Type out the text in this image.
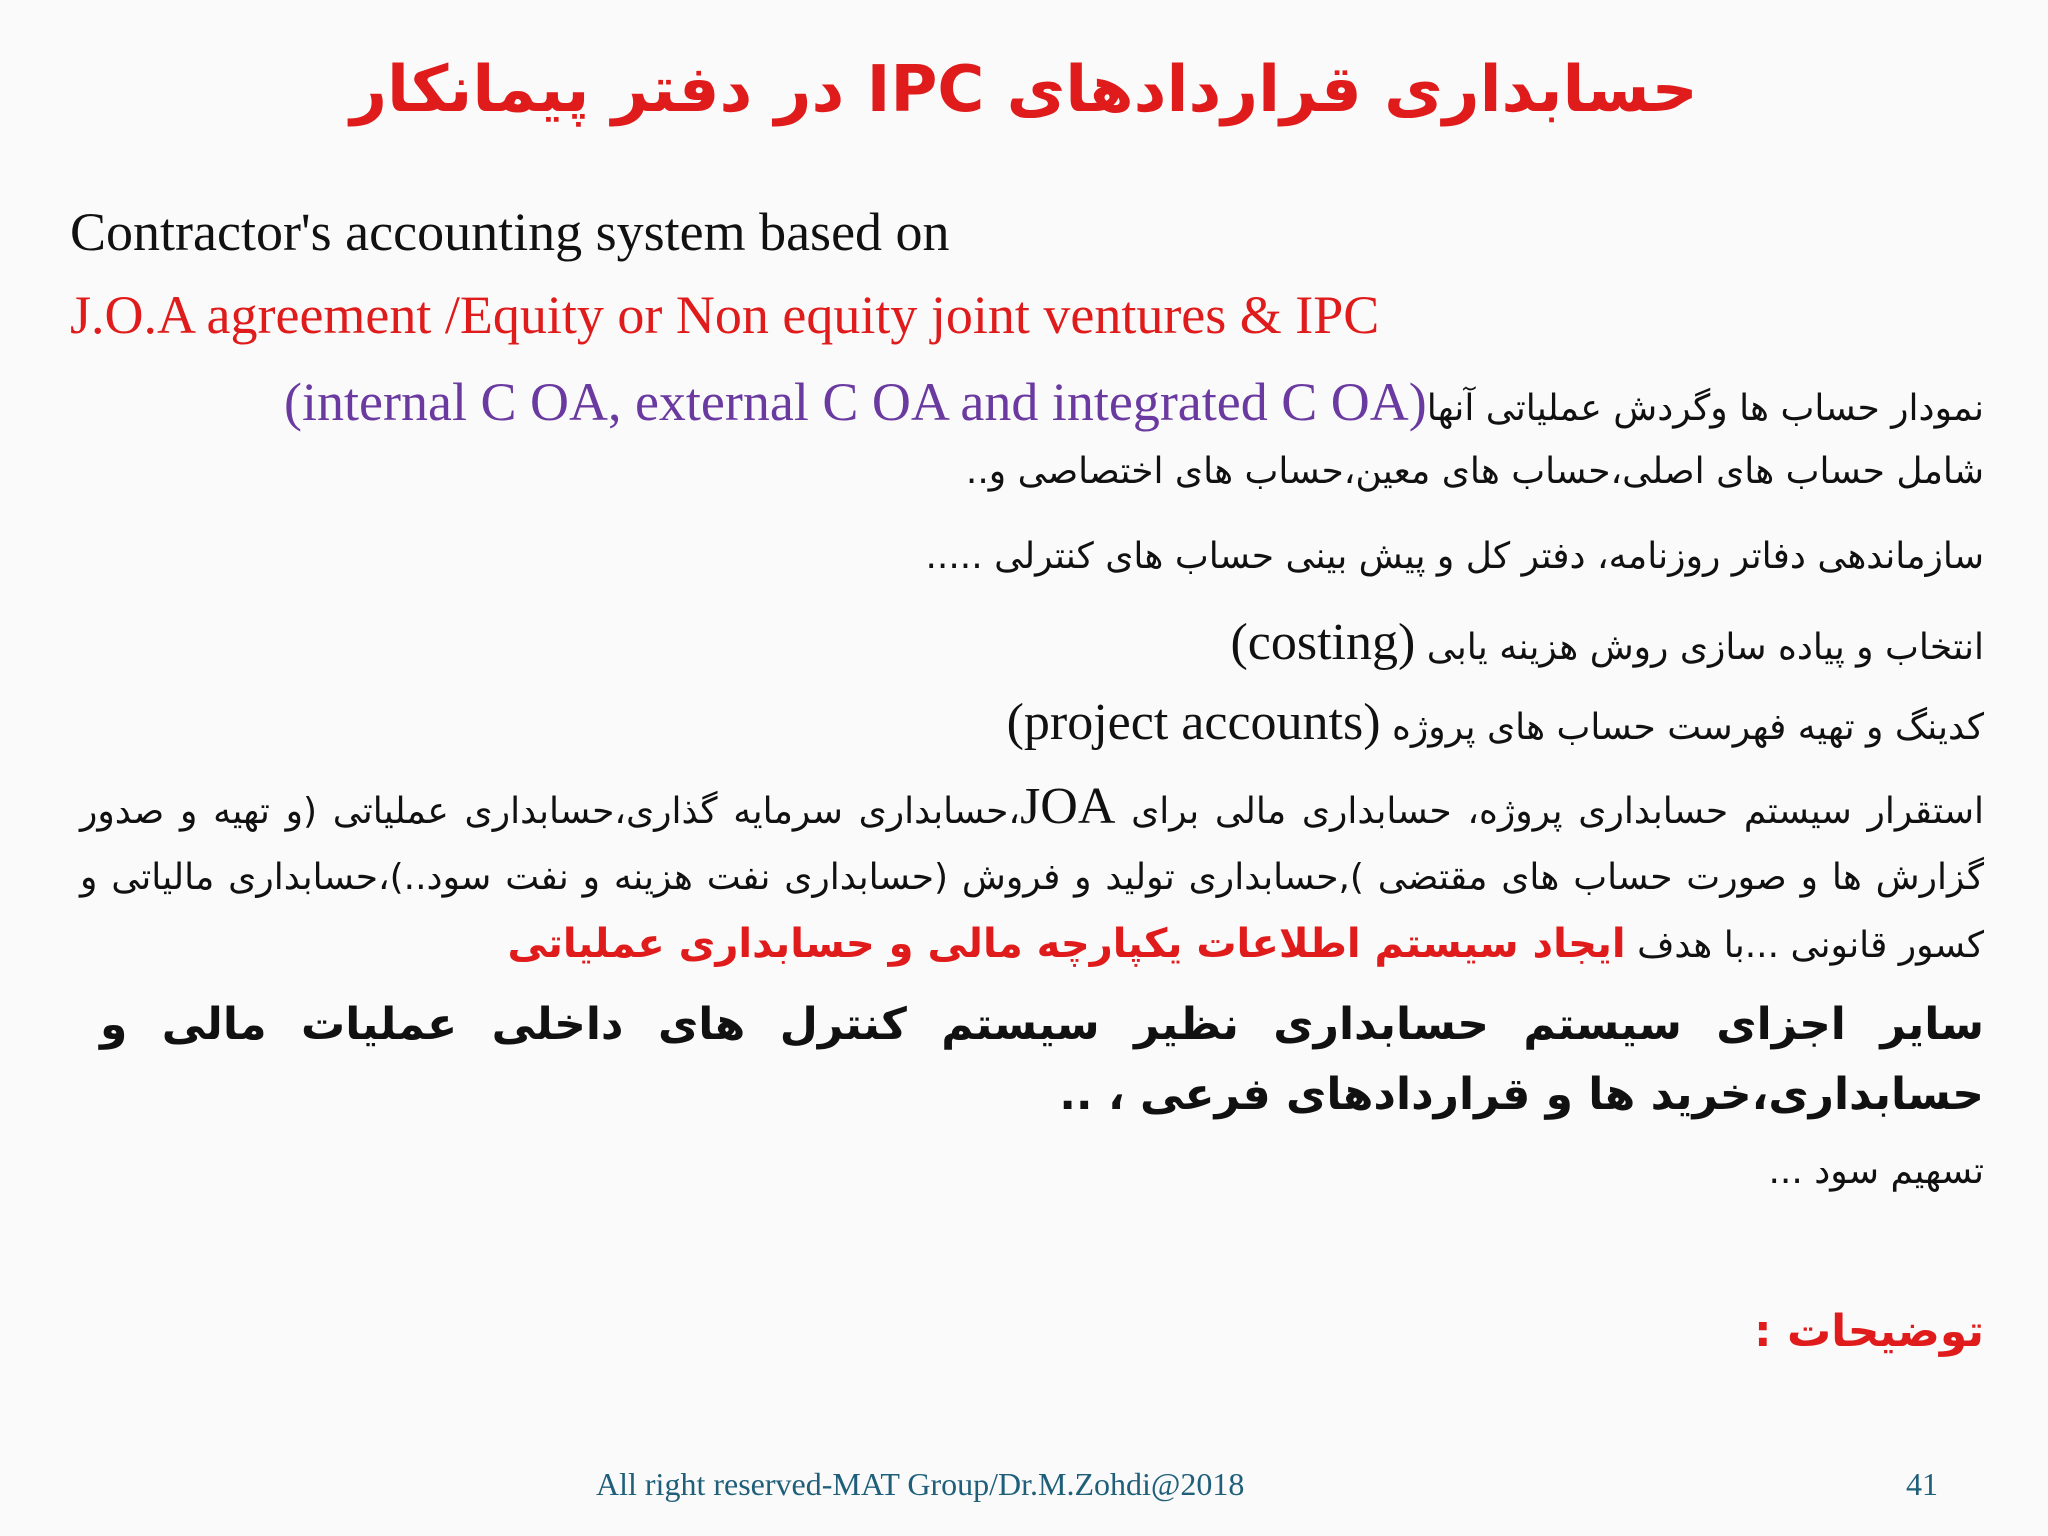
حسابداری قراردادهای IPC در دفتر پیمانکار
Contractor's accounting system based on
J.O.A agreement /Equity or Non equity joint ventures & IPC
نمودار حساب ها وگردش عملیاتی آنها(internal C OA, external C OA and integrated C OA)
شامل حساب های اصلی،حساب های معین،حساب های اختصاصی و..
سازماندهی دفاتر روزنامه، دفتر کل و پیش بینی حساب های کنترلی .....
انتخاب و پیاده سازی روش هزینه یابی (costing)
کدینگ و تهیه فهرست حساب های پروژه (project accounts)
استقرار سیستم حسابداری پروژه، حسابداری مالی برای JOA،حسابداری سرمایه گذاری،حسابداری عملیاتی (و تهیه و صدور گزارش ها و صورت حساب های مقتضی ),حسابداری تولید و فروش (حسابداری نفت هزینه و نفت سود..)،حسابداری مالیاتی و کسور قانونی ...با هدف ایجاد سیستم اطلاعات یکپارچه مالی و حسابداری عملیاتی
سایر اجزای سیستم حسابداری نظیر سیستم کنترل های داخلی عملیات مالی و حسابداری،خرید ها و قراردادهای فرعی ، ..
تسهیم سود ...
توضیحات :
All right reserved-MAT Group/Dr.M.Zohdi@2018	41
